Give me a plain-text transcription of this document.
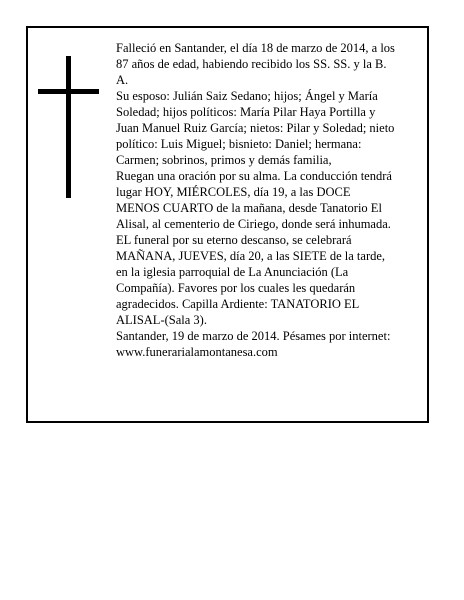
Falleció en Santander, el día 18 de marzo de 2014, a los
87 años de edad, habiendo recibido los SS. SS. y la B.
A.
Su esposo: Julián Saiz Sedano; hijos; Ángel y María
Soledad; hijos políticos: María Pilar Haya Portilla y
Juan Manuel Ruiz García; nietos: Pilar y Soledad; nieto
político: Luis Miguel; bisnieto: Daniel; hermana:
Carmen; sobrinos, primos y demás familia,
Ruegan una oración por su alma. La conducción tendrá
lugar HOY, MIÉRCOLES, día 19, a las DOCE
MENOS CUARTO de la mañana, desde Tanatorio El
Alisal, al cementerio de Ciriego, donde será inhumada.
EL funeral por su eterno descanso, se celebrará
MAÑANA, JUEVES, día 20, a las SIETE de la tarde,
en la iglesia parroquial de La Anunciación (La
Compañía). Favores por los cuales les quedarán
agradecidos. Capilla Ardiente: TANATORIO EL
ALISAL-(Sala 3).
Santander, 19 de marzo de 2014. Pésames por internet:
www.funerarialamontanesa.com
